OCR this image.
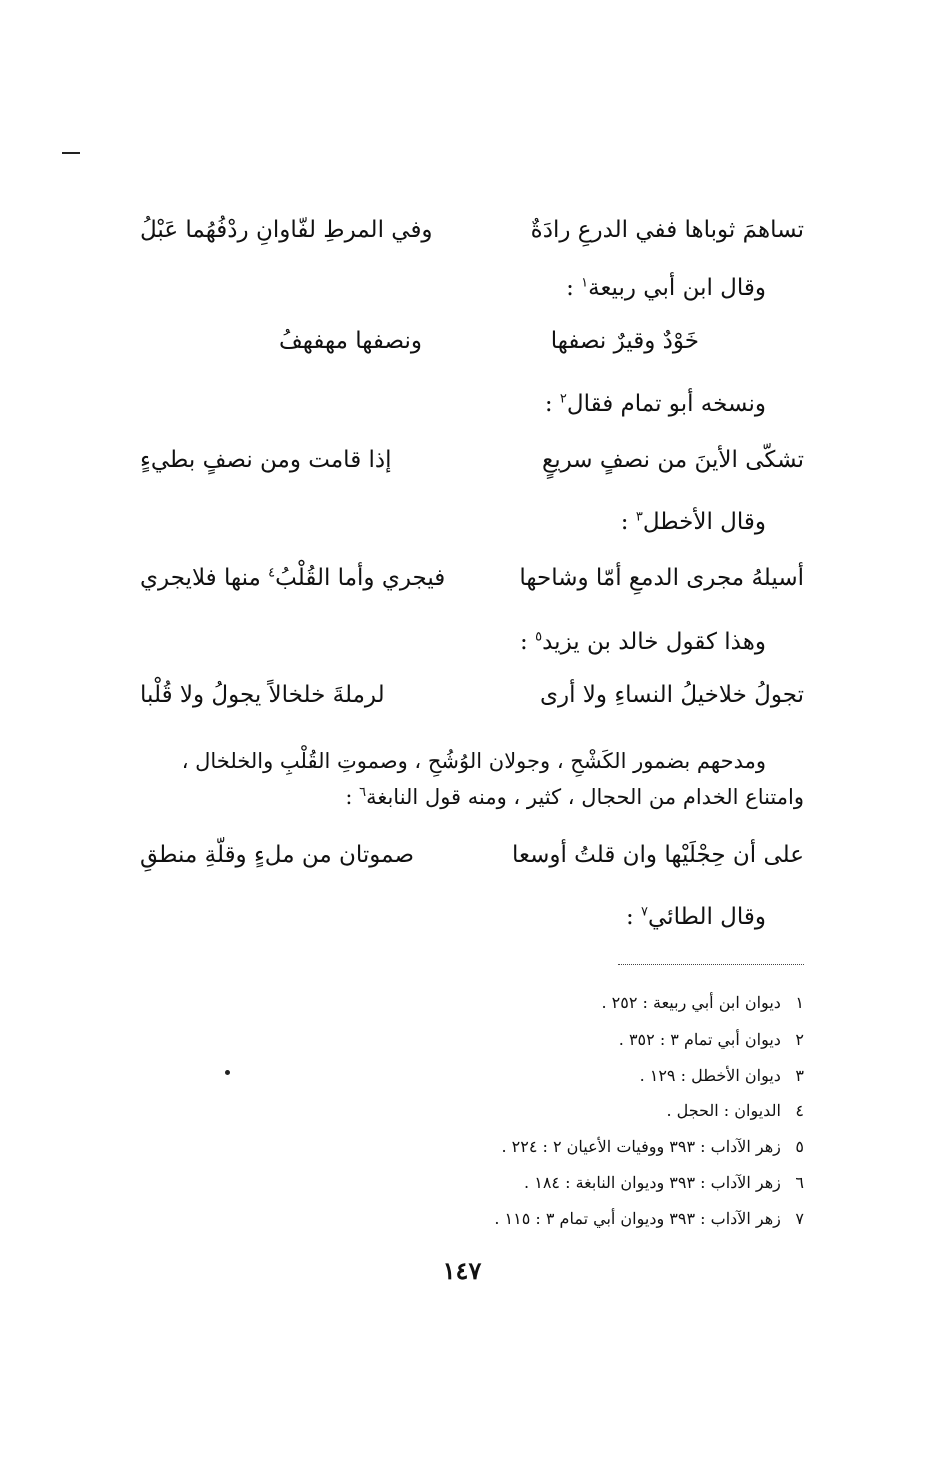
تساهمَ ثوباها ففي الدرعِ رادَةٌ
وفي المرطِ لفّاوانِ ردْفُهُما عَبْلُ
وقال ابن أبي ربيعة$^١$ :
خَوْدٌ وقيرٌ نصفها
ونصفها مهفهفُ
ونسخه أبو تمام فقال$^٢$ :
تشكّى الأينَ من نصفٍ سريعٍ
إذا قامت ومن نصفٍ بطيءٍ
وقال الأخطل$^٣$ :
أسيلهُ مجرى الدمعِ أمّا وشاحها
فيجري وأما القُلْبُ$^٤$ منها فلايجري
وهذا كقول خالد بن يزيد$^٥$ :
تجولُ خلاخيلُ النساءِ ولا أرى
لرملةَ خلخالاً يجولُ ولا قُلْبا
ومدحهم بضمور الكَشْحِ ، وجولان الوُشُحِ ، وصموتِ القُلْبِ والخلخال ،
وامتناع الخدام من الحجال ، كثير ، ومنه قول النابغة$^٦$ :
على أن حِجْلَيْها وان قلتُ أوسعا
صموتان من ملءٍ وقلّةِ منطقِ
وقال الطائي$^٧$ :
١ ديوان ابن أبي ربيعة : ٢٥٢ .
٢ ديوان أبي تمام ٣ : ٣٥٢ .
٣ ديوان الأخطل : ١٢٩ .
٤ الديوان : الحجل .
٥ زهر الآداب : ٣٩٣ ووفيات الأعيان ٢ : ٢٢٤ .
٦ زهر الآداب : ٣٩٣ وديوان النابغة : ١٨٤ .
٧ زهر الآداب : ٣٩٣ وديوان أبي تمام ٣ : ١١٥ .
١٤٧
